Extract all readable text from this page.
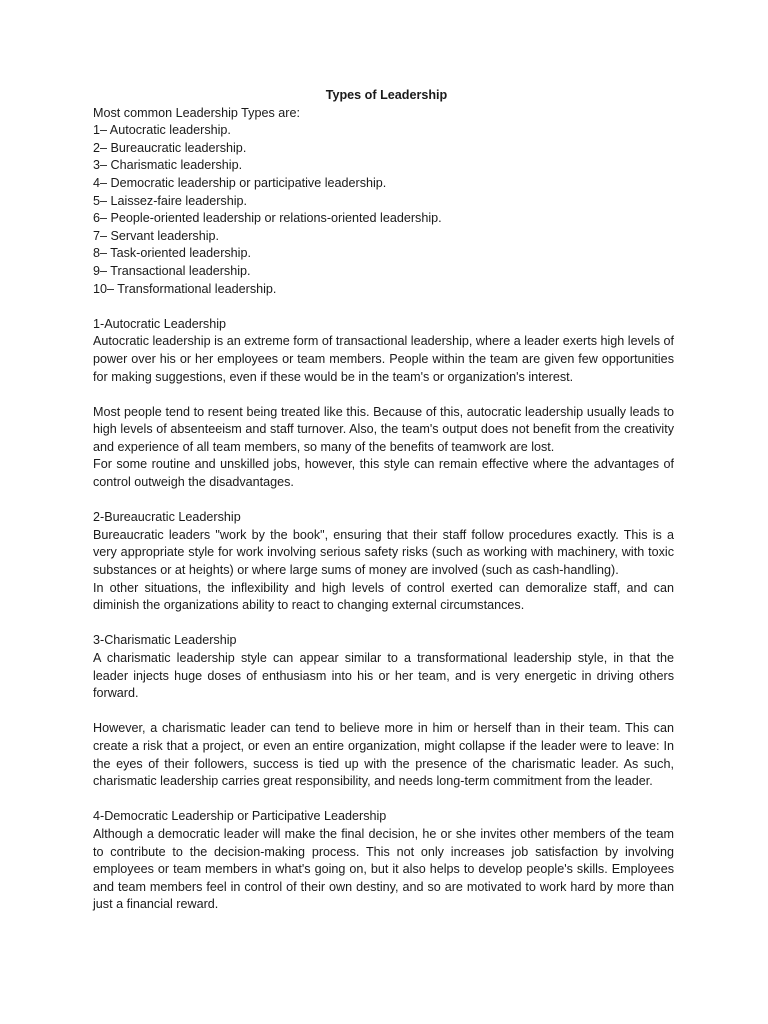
Types of Leadership

Most common Leadership Types are:

1– Autocratic leadership.

2– Bureaucratic leadership.

3– Charismatic leadership.

4– Democratic leadership or participative leadership.

5– Laissez-faire leadership.

6– People-oriented leadership or relations-oriented leadership.

7– Servant leadership.

8– Task-oriented leadership.

9– Transactional leadership.

10– Transformational leadership.

1-Autocratic Leadership

Autocratic leadership is an extreme form of transactional leadership, where a leader exerts high levels of power over his or her employees or team members. People within the team are given few opportunities for making suggestions, even if these would be in the team's or organization's interest.

Most people tend to resent being treated like this. Because of this, autocratic leadership usually leads to high levels of absenteeism and staff turnover. Also, the team's output does not benefit from the creativity and experience of all team members, so many of the benefits of teamwork are lost.

For some routine and unskilled jobs, however, this style can remain effective where the advantages of control outweigh the disadvantages.

2-Bureaucratic Leadership

Bureaucratic leaders "work by the book", ensuring that their staff follow procedures exactly. This is a very appropriate style for work involving serious safety risks (such as working with machinery, with toxic substances or at heights) or where large sums of money are involved (such as cash-handling).

In other situations, the inflexibility and high levels of control exerted can demoralize staff, and can diminish the organizations ability to react to changing external circumstances.

3-Charismatic Leadership

A charismatic leadership style can appear similar to a transformational leadership style, in that the leader injects huge doses of enthusiasm into his or her team, and is very energetic in driving others forward.

However, a charismatic leader can tend to believe more in him or herself than in their team. This can create a risk that a project, or even an entire organization, might collapse if the leader were to leave: In the eyes of their followers, success is tied up with the presence of the charismatic leader. As such, charismatic leadership carries great responsibility, and needs long-term commitment from the leader.

4-Democratic Leadership or Participative Leadership

Although a democratic leader will make the final decision, he or she invites other members of the team to contribute to the decision-making process. This not only increases job satisfaction by involving employees or team members in what's going on, but it also helps to develop people's skills. Employees and team members feel in control of their own destiny, and so are motivated to work hard by more than just a financial reward.
